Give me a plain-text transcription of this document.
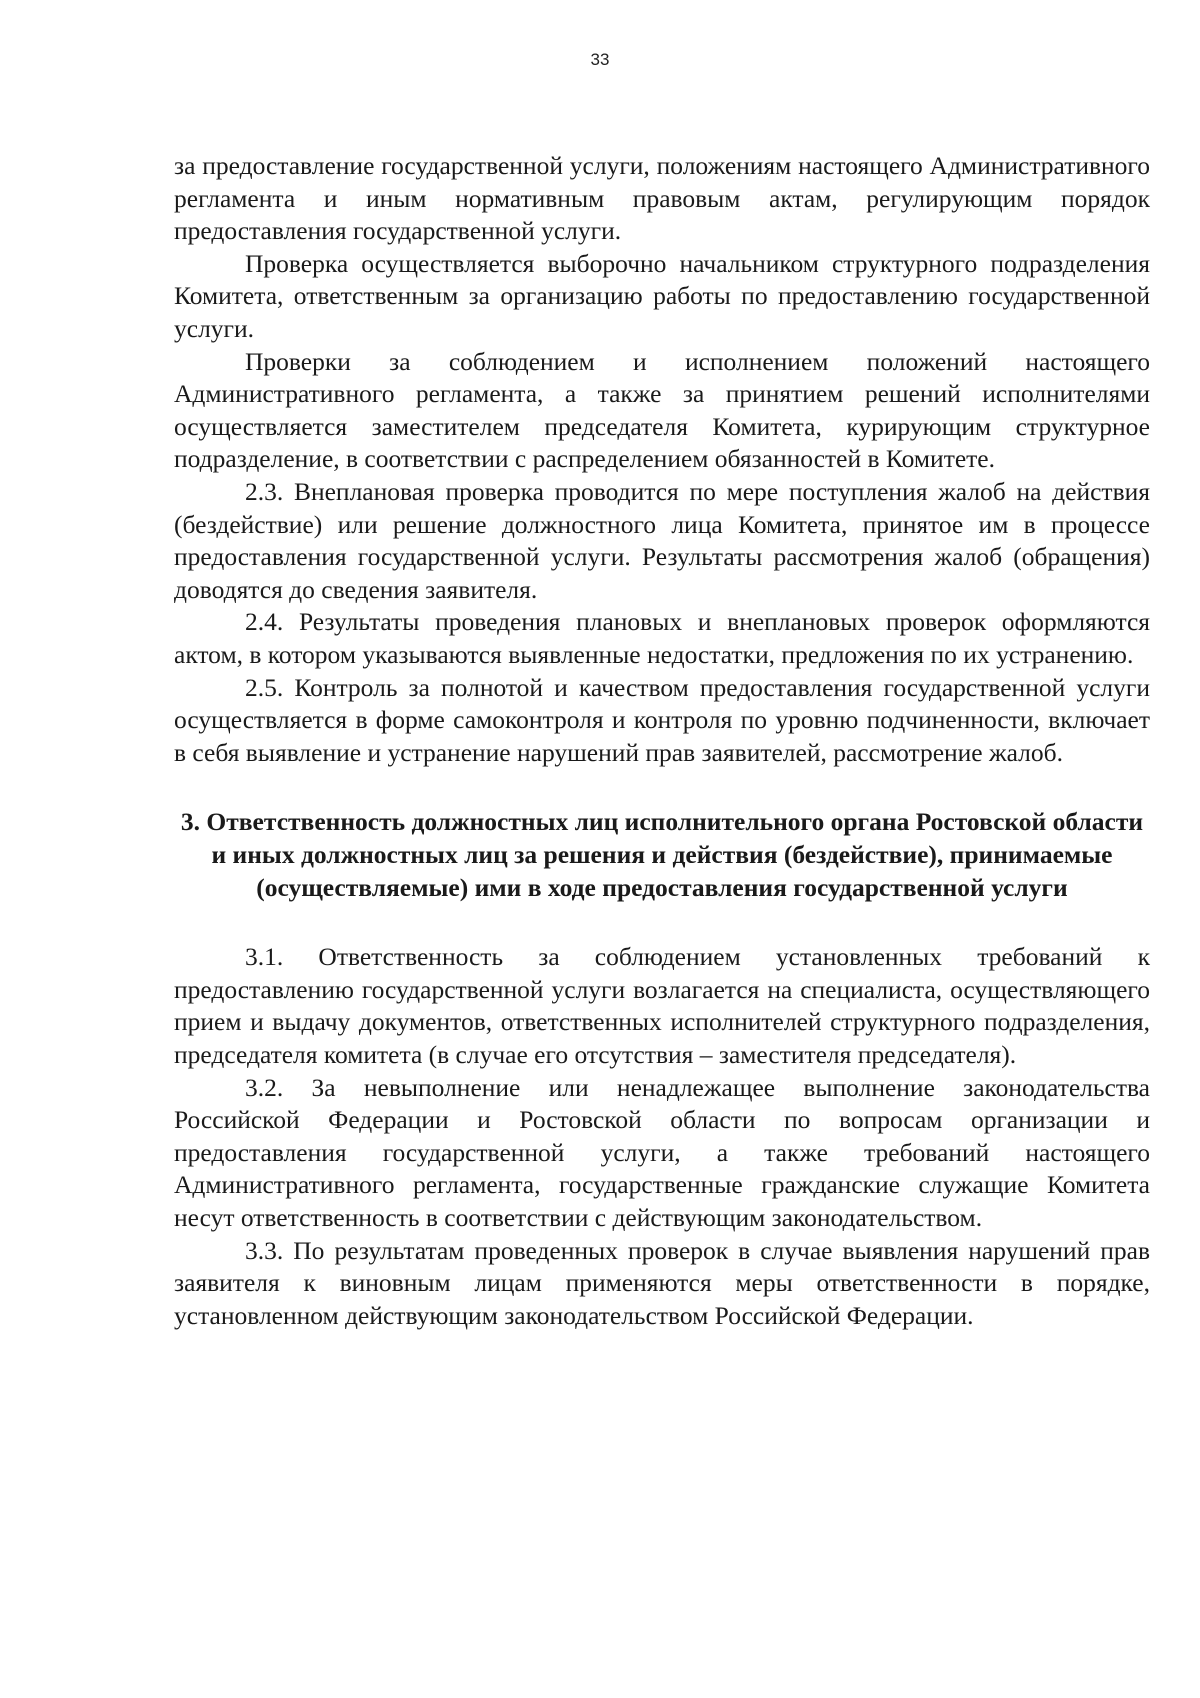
33

за предоставление государственной услуги, положениям настоящего Административного регламента и иным нормативным правовым актам, регулирующим порядок предоставления государственной услуги.

Проверка осуществляется выборочно начальником структурного подразделения Комитета, ответственным за организацию работы по предоставлению государственной услуги.

Проверки за соблюдением и исполнением положений настоящего Административного регламента, а также за принятием решений исполнителями осуществляется заместителем председателя Комитета, курирующим структурное подразделение, в соответствии с распределением обязанностей в Комитете.

2.3. Внеплановая проверка проводится по мере поступления жалоб на действия (бездействие) или решение должностного лица Комитета, принятое им в процессе предоставления государственной услуги. Результаты рассмотрения жалоб (обращения) доводятся до сведения заявителя.

2.4. Результаты проведения плановых и внеплановых проверок оформляются актом, в котором указываются выявленные недостатки, предложения по их устранению.

2.5. Контроль за полнотой и качеством предоставления государственной услуги осуществляется в форме самоконтроля и контроля по уровню подчиненности, включает в себя выявление и устранение нарушений прав заявителей, рассмотрение жалоб.

3. Ответственность должностных лиц исполнительного органа Ростовской области и иных должностных лиц за решения и действия (бездействие), принимаемые (осуществляемые) ими в ходе предоставления государственной услуги

3.1. Ответственность за соблюдением установленных требований к предоставлению государственной услуги возлагается на специалиста, осуществляющего прием и выдачу документов, ответственных исполнителей структурного подразделения, председателя комитета (в случае его отсутствия – заместителя председателя).

3.2. За невыполнение или ненадлежащее выполнение законодательства Российской Федерации и Ростовской области по вопросам организации и предоставления государственной услуги, а также требований настоящего Административного регламента, государственные гражданские служащие Комитета несут ответственность в соответствии с действующим законодательством.

3.3. По результатам проведенных проверок в случае выявления нарушений прав заявителя к виновным лицам применяются меры ответственности в порядке, установленном действующим законодательством Российской Федерации.
